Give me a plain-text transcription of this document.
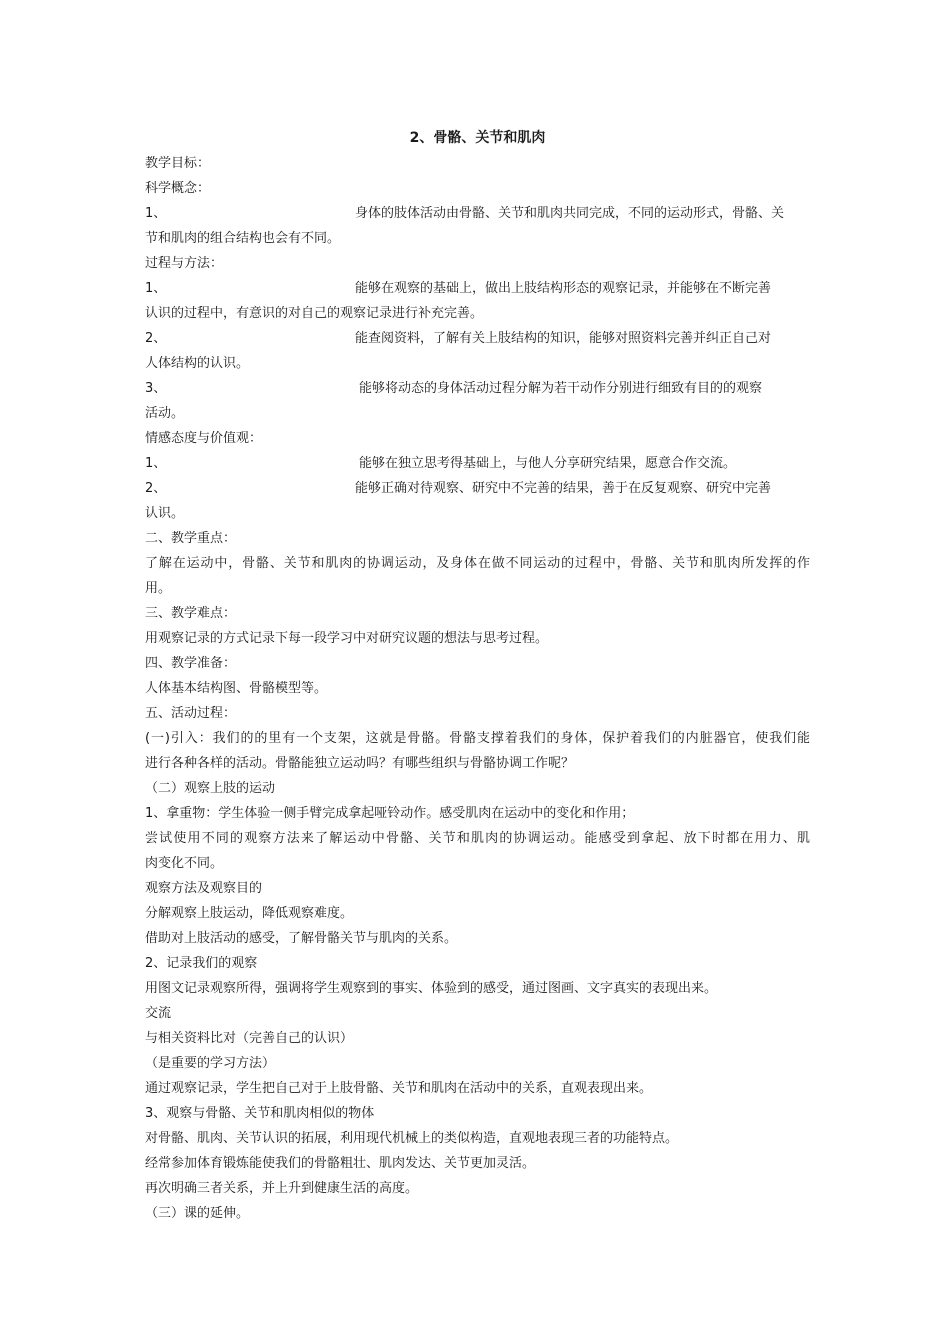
2、骨骼、关节和肌肉

教学目标：

科学概念：

1、	身体的肢体活动由骨骼、关节和肌肉共同完成，不同的运动形式，骨骼、关

节和肌肉的组合结构也会有不同。

过程与方法：

1、	能够在观察的基础上，做出上肢结构形态的观察记录，并能够在不断完善

认识的过程中，有意识的对自己的观察记录进行补充完善。

2、	能查阅资料，了解有关上肢结构的知识，能够对照资料完善并纠正自己对

人体结构的认识。

3、	能够将动态的身体活动过程分解为若干动作分别进行细致有目的的观察

活动。

情感态度与价值观：

1、	能够在独立思考得基础上，与他人分享研究结果，愿意合作交流。

2、	能够正确对待观察、研究中不完善的结果，善于在反复观察、研究中完善

认识。

二、教学重点：

了解在运动中，骨骼、关节和肌肉的协调运动，及身体在做不同运动的过程中，骨骼、关节和肌肉所发挥的作

用。

三、教学难点：

用观察记录的方式记录下每一段学习中对研究议题的想法与思考过程。

四、教学准备：

人体基本结构图、骨骼模型等。

五、活动过程：

(一)引入：我们的的里有一个支架，这就是骨骼。骨骼支撑着我们的身体，保护着我们的内脏器官，使我们能

进行各种各样的活动。骨骼能独立运动吗？有哪些组织与骨骼协调工作呢？

（二）观察上肢的运动

1、拿重物：学生体验一侧手臂完成拿起哑铃动作。感受肌肉在运动中的变化和作用；

尝试使用不同的观察方法来了解运动中骨骼、关节和肌肉的协调运动。能感受到拿起、放下时都在用力、肌

肉变化不同。

观察方法及观察目的

分解观察上肢运动，降低观察难度。

借助对上肢活动的感受，了解骨骼关节与肌肉的关系。

2、记录我们的观察

用图文记录观察所得，强调将学生观察到的事实、体验到的感受，通过图画、文字真实的表现出来。

交流

与相关资料比对（完善自己的认识）

（是重要的学习方法）

通过观察记录，学生把自己对于上肢骨骼、关节和肌肉在活动中的关系，直观表现出来。

3、观察与骨骼、关节和肌肉相似的物体

对骨骼、肌肉、关节认识的拓展，利用现代机械上的类似构造，直观地表现三者的功能特点。

经常参加体育锻炼能使我们的骨骼粗壮、肌肉发达、关节更加灵活。

再次明确三者关系，并上升到健康生活的高度。

（三）课的延伸。
